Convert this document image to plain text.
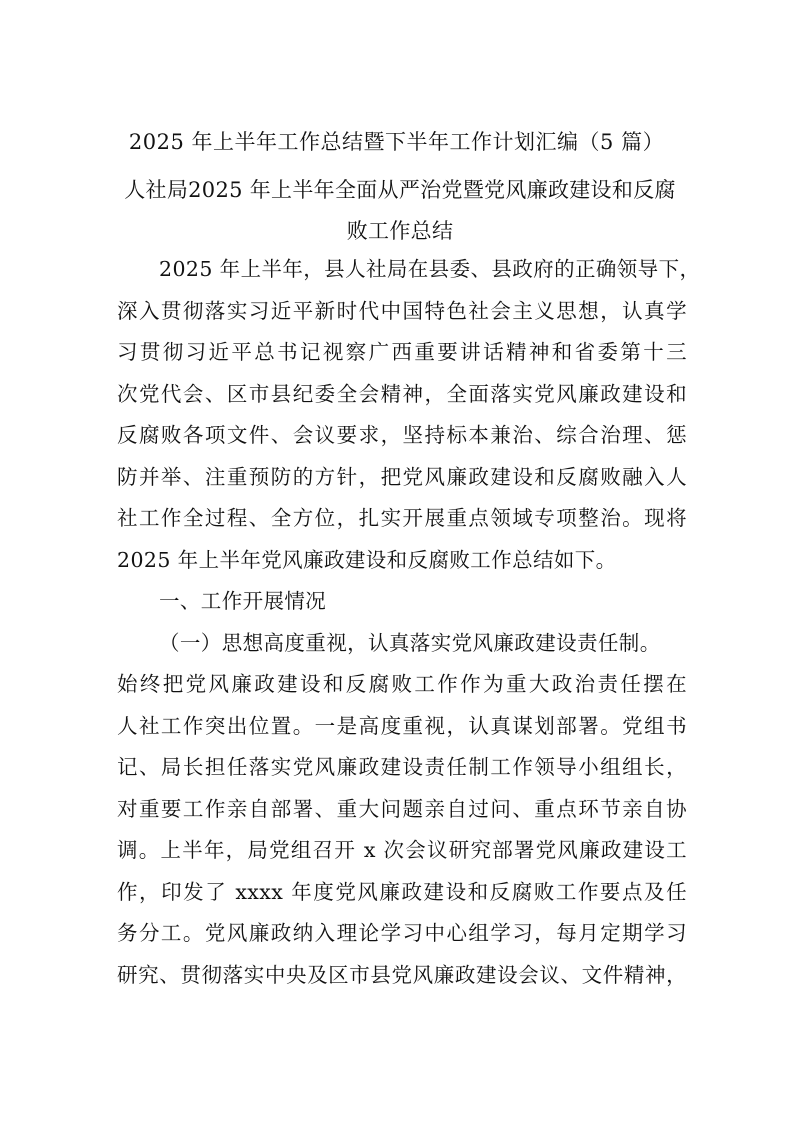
2025 年上半年工作总结暨下半年工作计划汇编（5 篇）
人社局2025 年上半年全面从严治党暨党风廉政建设和反腐
败工作总结
2025 年上半年，县人社局在县委、县政府的正确领导下，
深入贯彻落实习近平新时代中国特色社会主义思想，认真学
习贯彻习近平总书记视察广西重要讲话精神和省委第十三
次党代会、区市县纪委全会精神，全面落实党风廉政建设和
反腐败各项文件、会议要求，坚持标本兼治、综合治理、惩
防并举、注重预防的方针，把党风廉政建设和反腐败融入人
社工作全过程、全方位，扎实开展重点领域专项整治。现将
2025 年上半年党风廉政建设和反腐败工作总结如下。
一、工作开展情况
（一）思想高度重视，认真落实党风廉政建设责任制。
始终把党风廉政建设和反腐败工作作为重大政治责任摆在
人社工作突出位置。一是高度重视，认真谋划部署。党组书
记、局长担任落实党风廉政建设责任制工作领导小组组长，
对重要工作亲自部署、重大问题亲自过问、重点环节亲自协
调。上半年，局党组召开 x 次会议研究部署党风廉政建设工
作，印发了 xxxx 年度党风廉政建设和反腐败工作要点及任
务分工。党风廉政纳入理论学习中心组学习，每月定期学习
研究、贯彻落实中央及区市县党风廉政建设会议、文件精神，
